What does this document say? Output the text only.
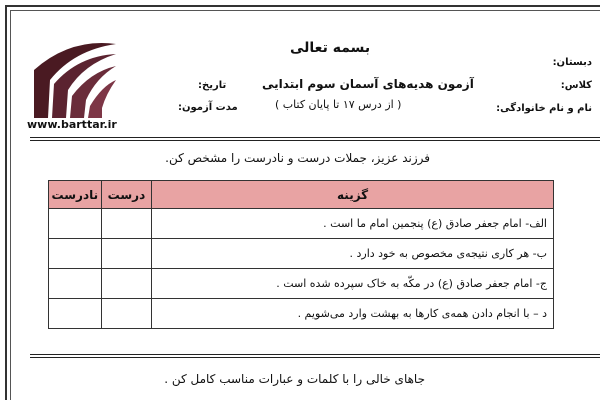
www.barttar.ir
بسمه تعالی
آزمون هدیه‌های آسمان سوم ابتدایی
( از درس ۱۷ تا پایان کتاب )
دبستان:
کلاس:
نام و نام خانوادگی:
تاریخ:
مدت آزمون:
فرزند عزیز، جملات درست و نادرست را مشخص کن.
گزینه	درست	نادرست
الف- امام جعفر صادق (ع) پنجمین امام ما است .		
ب- هر کاری نتیجه‌ی مخصوص به خود دارد .		
ج- امام جعفر صادق (ع) در مکّه به خاک سپرده شده است .		
د – با انجام دادن همه‌ی کارها به بهشت وارد می‌شویم .		
جاهای خالی را با کلمات و عبارات مناسب کامل کن .
